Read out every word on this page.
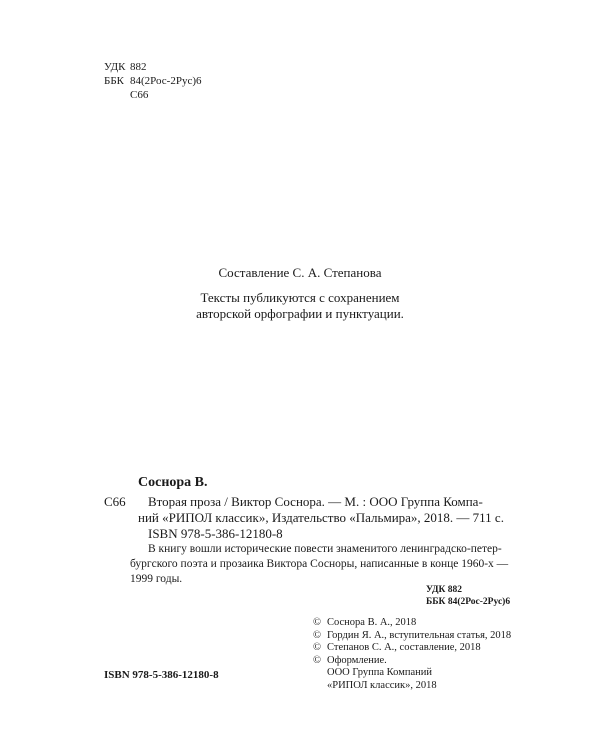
УДК 882
ББК 84(2Рос-2Рус)6
С66
Составление С. А. Степанова
Тексты публикуются с сохранением
авторской орфографии и пунктуации.
Соснора В.
С66 Вторая проза / Виктор Соснора. — М. : ООО Группа Компа-
ний «РИПОЛ классик», Издательство «Пальмира», 2018. — 711 с.
ISBN 978-5-386-12180-8
В книгу вошли исторические повести знаменитого ленинградско-петер-
бургского поэта и прозаика Виктора Сосноры, написанные в конце 1960-х —
1999 годы.
УДК 882
ББК 84(2Рос-2Рус)6
© Соснора В. А., 2018
© Гордин Я. А., вступительная статья, 2018
© Степанов С. А., составление, 2018
© Оформление.
ООО Группа Компаний
«РИПОЛ классик», 2018
ISBN 978-5-386-12180-8
